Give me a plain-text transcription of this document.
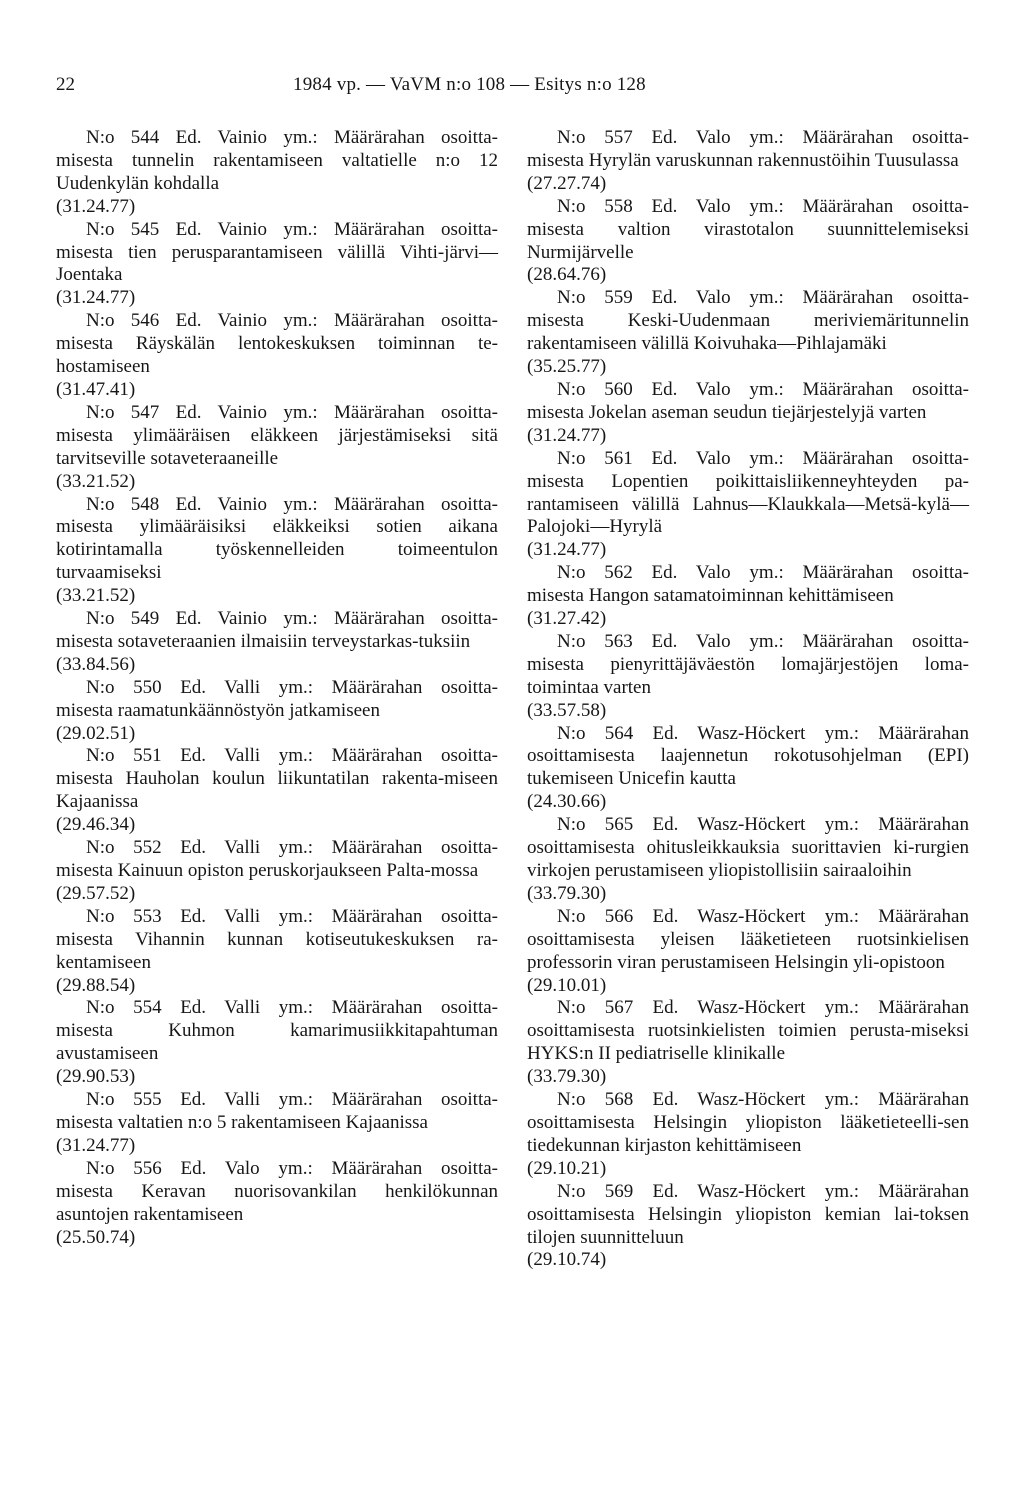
22	1984 vp. — VaVM n:o 108 — Esitys n:o 128
N:o 544 Ed. Vainio ym.: Määrärahan osoitta-
misesta tunnelin rakentamiseen valtatielle n:o 12 Uudenkylän kohdalla
(31.24.77)
N:o 545 Ed. Vainio ym.: Määrärahan osoitta-
misesta tien perusparantamiseen välillä Vihti-järvi—Joentaka
(31.24.77)
N:o 546 Ed. Vainio ym.: Määrärahan osoitta-
misesta Räyskälän lentokeskuksen toiminnan te-hostamiseen
(31.47.41)
N:o 547 Ed. Vainio ym.: Määrärahan osoitta-
misesta ylimääräisen eläkkeen järjestämiseksi sitä tarvitseville sotaveteraaneille
(33.21.52)
N:o 548 Ed. Vainio ym.: Määrärahan osoitta-
misesta ylimääräisiksi eläkkeiksi sotien aikana kotirintamalla työskennelleiden toimeentulon turvaamiseksi
(33.21.52)
N:o 549 Ed. Vainio ym.: Määrärahan osoitta-
misesta sotaveteraanien ilmaisiin terveystarkas-tuksiin
(33.84.56)
N:o 550 Ed. Valli ym.: Määrärahan osoitta-
misesta raamatunkäännöstyön jatkamiseen
(29.02.51)
N:o 551 Ed. Valli ym.: Määrärahan osoitta-
misesta Hauholan koulun liikuntatilan rakenta-miseen Kajaanissa
(29.46.34)
N:o 552 Ed. Valli ym.: Määrärahan osoitta-
misesta Kainuun opiston peruskorjaukseen Palta-mossa
(29.57.52)
N:o 553 Ed. Valli ym.: Määrärahan osoitta-
misesta Vihannin kunnan kotiseutukeskuksen ra-kentamiseen
(29.88.54)
N:o 554 Ed. Valli ym.: Määrärahan osoitta-
misesta Kuhmon kamarimusiikkitapahtuman avustamiseen
(29.90.53)
N:o 555 Ed. Valli ym.: Määrärahan osoitta-
misesta valtatien n:o 5 rakentamiseen Kajaanissa
(31.24.77)
N:o 556 Ed. Valo ym.: Määrärahan osoitta-
misesta Keravan nuorisovankilan henkilökunnan asuntojen rakentamiseen
(25.50.74)
N:o 557 Ed. Valo ym.: Määrärahan osoitta-
misesta Hyrylän varuskunnan rakennustöihin Tuusulassa
(27.27.74)
N:o 558 Ed. Valo ym.: Määrärahan osoitta-
misesta valtion virastotalon suunnittelemiseksi Nurmijärvelle
(28.64.76)
N:o 559 Ed. Valo ym.: Määrärahan osoitta-
misesta Keski-Uudenmaan meriviemäritunnelin rakentamiseen välillä Koivuhaka—Pihlajamäki
(35.25.77)
N:o 560 Ed. Valo ym.: Määrärahan osoitta-
misesta Jokelan aseman seudun tiejärjestelyjä varten
(31.24.77)
N:o 561 Ed. Valo ym.: Määrärahan osoitta-
misesta Lopentien poikittaisliikenneyhteyden pa-rantamiseen välillä Lahnus—Klaukkala—Metsä-kylä—Palojoki—Hyrylä
(31.24.77)
N:o 562 Ed. Valo ym.: Määrärahan osoitta-
misesta Hangon satamatoiminnan kehittämiseen
(31.27.42)
N:o 563 Ed. Valo ym.: Määrärahan osoitta-
misesta pienyrittäjäväestön lomajärjestöjen loma-toimintaa varten
(33.57.58)
N:o 564 Ed. Wasz-Höckert ym.: Määrärahan
osoittamisesta laajennetun rokotusohjelman (EPI) tukemiseen Unicefin kautta
(24.30.66)
N:o 565 Ed. Wasz-Höckert ym.: Määrärahan
osoittamisesta ohitusleikkauksia suorittavien ki-rurgien virkojen perustamiseen yliopistollisiin sairaaloihin
(33.79.30)
N:o 566 Ed. Wasz-Höckert ym.: Määrärahan
osoittamisesta yleisen lääketieteen ruotsinkielisen professorin viran perustamiseen Helsingin yli-opistoon
(29.10.01)
N:o 567 Ed. Wasz-Höckert ym.: Määrärahan
osoittamisesta ruotsinkielisten toimien perusta-miseksi HYKS:n II pediatriselle klinikalle
(33.79.30)
N:o 568 Ed. Wasz-Höckert ym.: Määrärahan
osoittamisesta Helsingin yliopiston lääketieteelli-sen tiedekunnan kirjaston kehittämiseen
(29.10.21)
N:o 569 Ed. Wasz-Höckert ym.: Määrärahan
osoittamisesta Helsingin yliopiston kemian lai-toksen tilojen suunnitteluun
(29.10.74)
